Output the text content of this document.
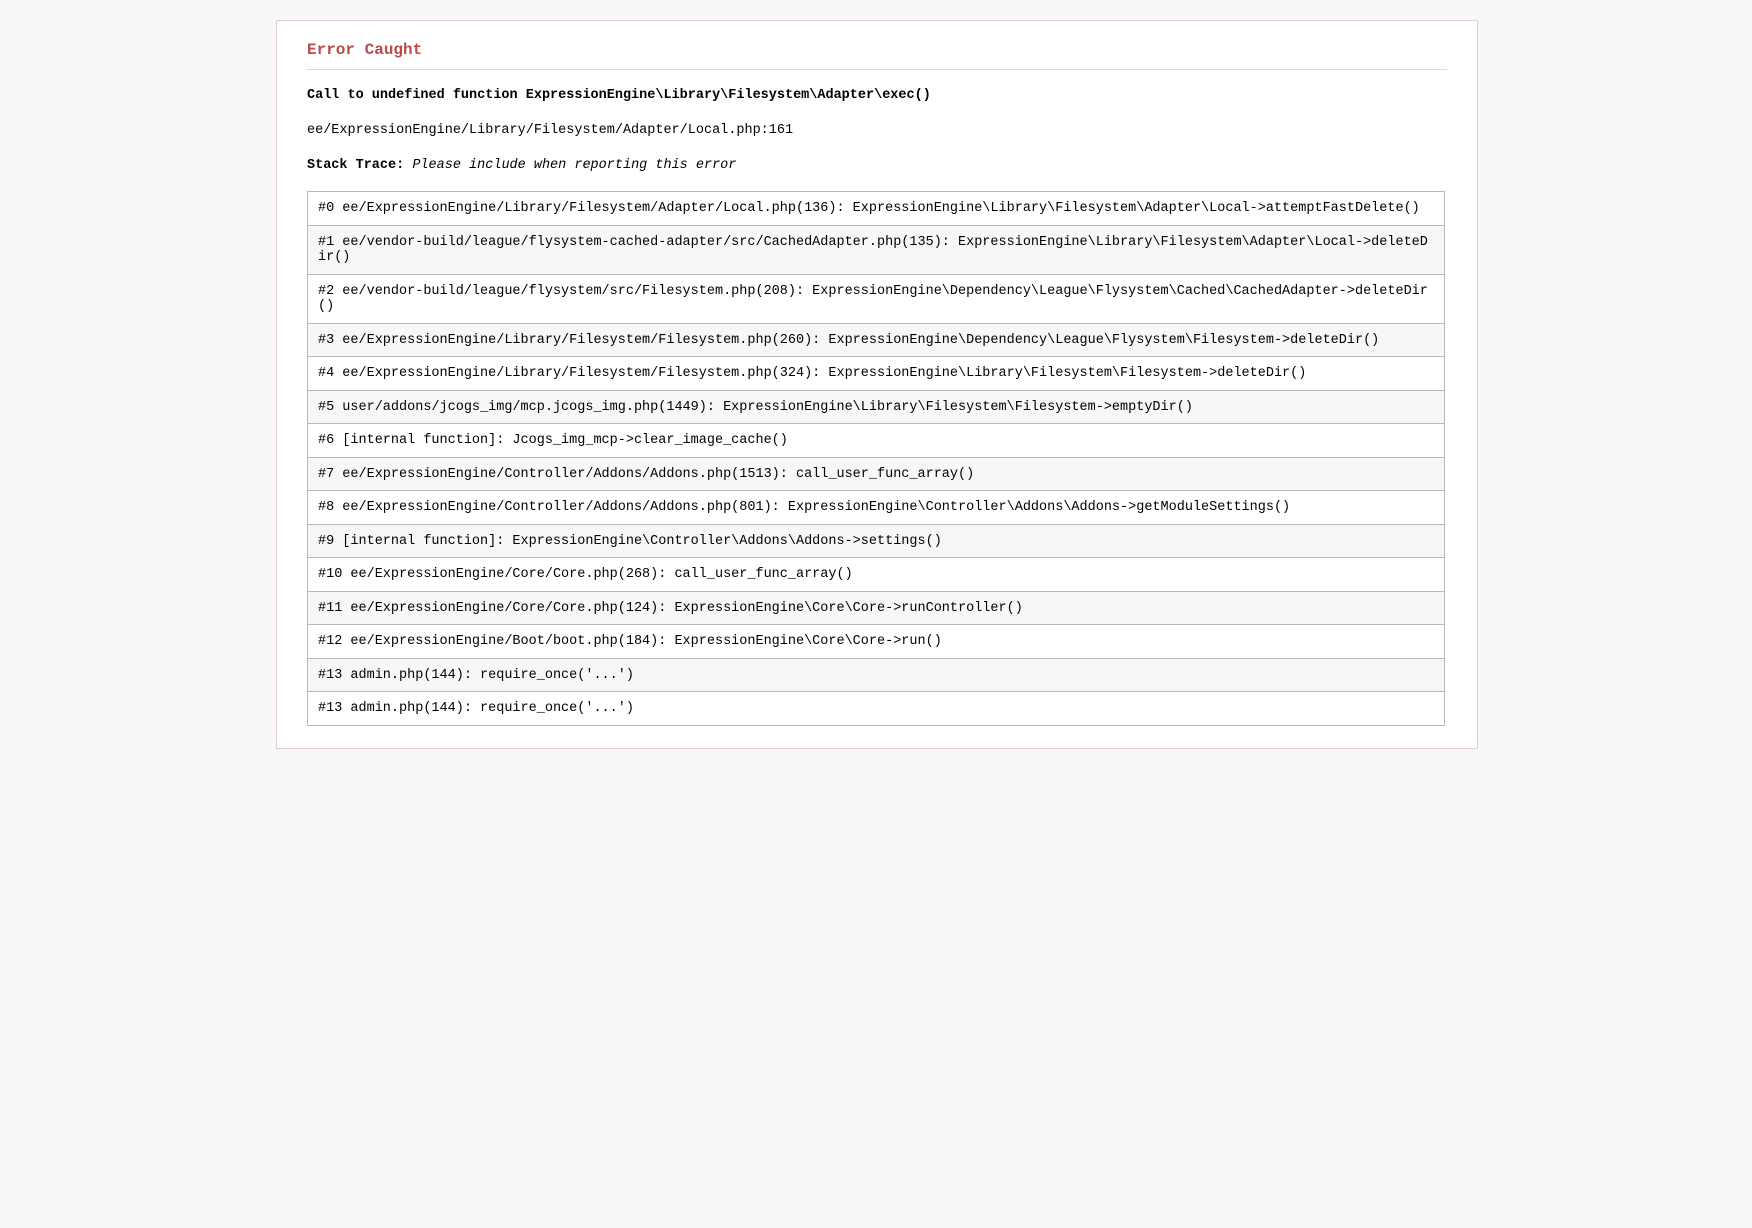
Error Caught

Call to undefined function ExpressionEngine\Library\Filesystem\Adapter\exec()

ee/ExpressionEngine/Library/Filesystem/Adapter/Local.php:161

Stack Trace: Please include when reporting this error

#0 ee/ExpressionEngine/Library/Filesystem/Adapter/Local.php(136): ExpressionEngine\Library\Filesystem\Adapter\Local->attemptFastDelete()
#1 ee/vendor-build/league/flysystem-cached-adapter/src/CachedAdapter.php(135): ExpressionEngine\Library\Filesystem\Adapter\Local->deleteDir()
#2 ee/vendor-build/league/flysystem/src/Filesystem.php(208): ExpressionEngine\Dependency\League\Flysystem\Cached\CachedAdapter->deleteDir()
#3 ee/ExpressionEngine/Library/Filesystem/Filesystem.php(260): ExpressionEngine\Dependency\League\Flysystem\Filesystem->deleteDir()
#4 ee/ExpressionEngine/Library/Filesystem/Filesystem.php(324): ExpressionEngine\Library\Filesystem\Filesystem->deleteDir()
#5 user/addons/jcogs_img/mcp.jcogs_img.php(1449): ExpressionEngine\Library\Filesystem\Filesystem->emptyDir()
#6 [internal function]: Jcogs_img_mcp->clear_image_cache()
#7 ee/ExpressionEngine/Controller/Addons/Addons.php(1513): call_user_func_array()
#8 ee/ExpressionEngine/Controller/Addons/Addons.php(801): ExpressionEngine\Controller\Addons\Addons->getModuleSettings()
#9 [internal function]: ExpressionEngine\Controller\Addons\Addons->settings()
#10 ee/ExpressionEngine/Core/Core.php(268): call_user_func_array()
#11 ee/ExpressionEngine/Core/Core.php(124): ExpressionEngine\Core\Core->runController()
#12 ee/ExpressionEngine/Boot/boot.php(184): ExpressionEngine\Core\Core->run()
#13 admin.php(144): require_once('...')
#13 admin.php(144): require_once('...')
